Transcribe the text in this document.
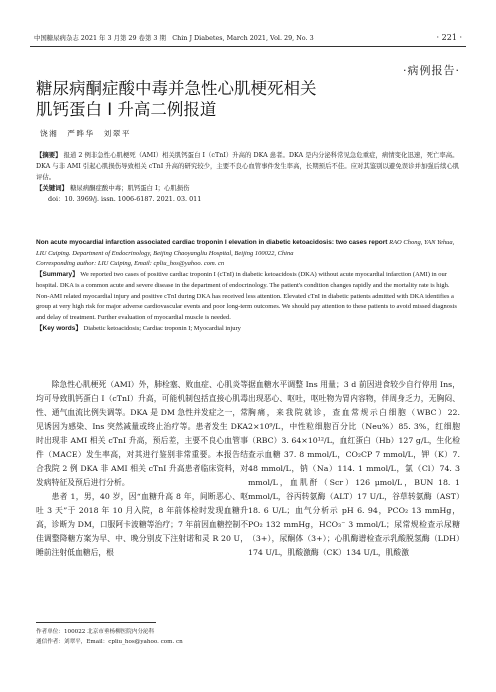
中国糖尿病杂志 2021 年 3 月第 29 卷第 3 期　Chin J Diabetes, March 2021, Vol. 29, No. 3	· 221 ·
·病例报告·
糖尿病酮症酸中毒并急性心肌梗死相关
肌钙蛋白 I 升高二例报道
饶湘　严晔华　刘翠平

【摘要】 报道 2 例非急性心肌梗死（AMI）相关肌钙蛋白 I（cTnI）升高的 DKA 患者。DKA 是内分泌科常见急危重症，病情变化迅速，死亡率高。DKA 与非 AMI 引起心肌损伤导致相关 cTnI 升高的研究较少，主要不良心血管事件发生率高，长期预后不佳。应对其鉴别以避免误诊并加强后续心肌评估。

【关键词】 糖尿病酮症酸中毒；肌钙蛋白 I；心肌损伤

doi：10. 3969/j. issn. 1006-6187. 2021. 03. 011

Non acute myocardial infarction associated cardiac troponin I elevation in diabetic ketoacidosis: two cases report RAO Chong, YAN Yehua, LIU Cuiping. Department of Endocrinology, Beijing Chaoyangliu Hospital, Beijing 100022, China

Corresponding author: LIU Cuiping, Email: cpliu_hos@yahoo. com. cn

【Summary】 We reported two cases of positive cardiac troponin I (cTnI) in diabetic ketoacidosis (DKA) without acute myocardial infarction (AMI) in our hospital. DKA is a common acute and severe disease in the department of endocrinology. The patient's condition changes rapidly and the mortality rate is high. Non-AMI related myocardial injury and positive cTnI during DKA has received less attention. Elevated cTnI in diabetic patients admitted with DKA identifies a group at very high risk for major adverse cardiovascular events and poor long-term outcomes. We should pay attention to these patients to avoid missed diagnosis and delay of treatment. Further evaluation of myocardial muscle is needed.

【Key words】 Diabetic ketoacidosis; Cardiac troponin I; Myocardial injury

除急性心肌梗死（AMI）外，肺栓塞、败血症、心肌炎等均可导致肌钙蛋白 I（cTnI）升高，可能机制包括直接心肌毒性、通气血流比例失调等。DKA 是 DM 急性并发症之一，常见诱因为感染、Ins 突然减量或终止治疗等。患者发生 DKA 时出现非 AMI 相关 cTnI 升高，预后差，主要不良心血管事件（MACE）发生率高，对其进行鉴别非常重要。本报告结合我院 2 例 DKA 非 AMI 相关 cTnI 升高患者临床资料，对发病特征及预后进行分析。

患者 1，男，40 岁，因“血糖升高 8 年，间断恶心、呕吐 3 天”于 2018 年 10 月入院，8 年前体检时发现血糖升高，诊断为 DM，口服阿卡波糖等治疗；7 年前因血糖控制不佳调整降糖方案为早、中、晚分别皮下注射诺和灵 R 20 U，睡前注射低血糖后，根

据血糖水平调整 Ins 用量；3 d 前因进食较少自行停用 Ins，出现恶心、呕吐，呕吐物为胃内容物，伴周身乏力，无胸闷、胸痛，来我院就诊，查血常规示白细胞（WBC）22. 2×10⁹/L，中性粒细胞百分比（Neu%）85. 3%，红细胞（RBC）3. 64×10¹²/L，血红蛋白（Hb）127 g/L，生化检查示血糖 37. 8 mmol/L，CO₂CP 7 mmol/L，钾（K）7. 48 mmol/L，钠（Na）114. 1 mmol/L，氯（Cl）74. 3 mmol/L，血肌酐（Scr）126 μmol/L，BUN 18. 1 mmol/L，谷丙转氨酶（ALT）17 U/L，谷草转氨酶（AST）18. 6 U/L；血气分析示 pH 6. 94，PCO₂ 13 mmHg，PO₂ 132 mmHg，HCO₃⁻ 3 mmol/L；尿常规检查示尿糖（3+），尿酮体（3+）；心肌酶谱检查示乳酸脱氢酶（LDH）174 U/L，肌酸激酶（CK）134 U/L，肌酸激

作者单位：100022 北京市垂杨柳医院内分泌科
通信作者：刘翠平，Email：cpliu_hos@yahoo. com. cn
